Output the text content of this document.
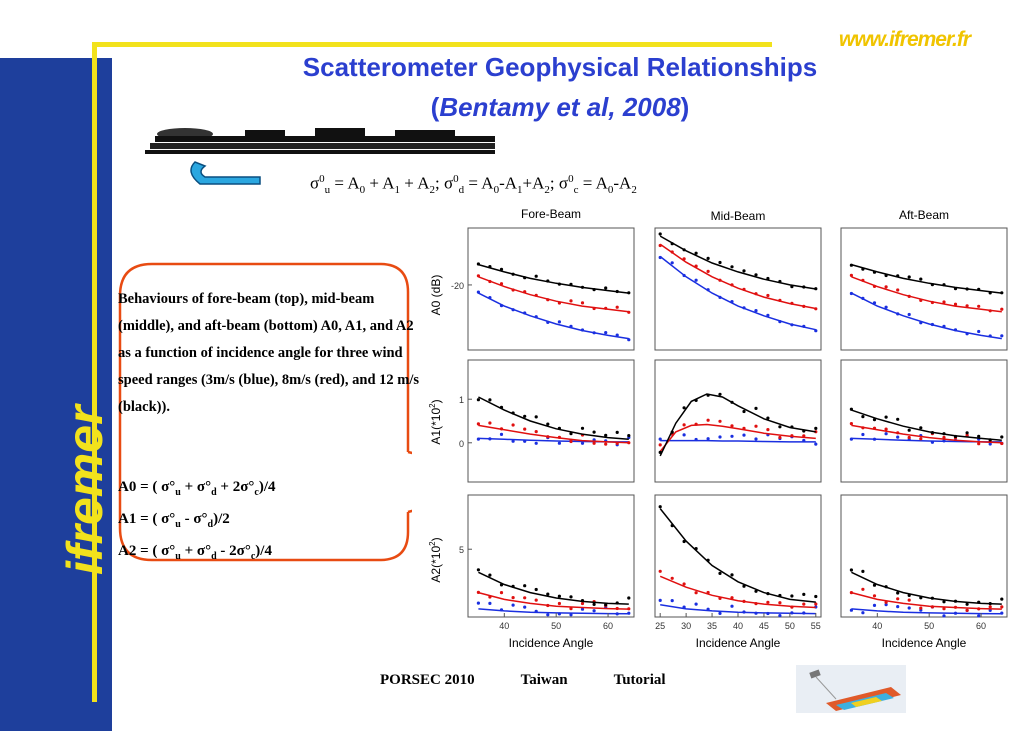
ifremer
www.ifremer.fr
Scatterometer Geophysical Relationships
(Bentamy et al, 2008)
$\sigma^0_u = A_0 + A_1 + A_2$; $\sigma^0_d = A_0-A_1+A_2$; $\sigma^0_c = A_0-A_2$
Behaviours of fore-beam (top), mid-beam (middle), and aft-beam (bottom) A0, A1, and A2 as a function of incidence angle for three wind speed ranges (3m/s (blue), 8m/s (red), and 12 m/s (black)).
A0 = ( $\sigma^\circ_u + \sigma^\circ_d + 2\sigma^\circ_c)/4$
A1 = ( $\sigma^\circ_u - \sigma^\circ_d)/2$
A2 = ( $\sigma^\circ_u + \sigma^\circ_d - 2\sigma^\circ_c)/4$
Fore-Beam	Mid-Beam	Aft-Beam
A0 (dB)
$A1(*10^2)$
$A2(*10^2)$
Incidence Angle	Incidence Angle	Incidence Angle
-20
1
0
5
40	50	60	25 30 35 40 45 50 55	40	50	60
PORSEC 2010	Taiwan	Tutorial
